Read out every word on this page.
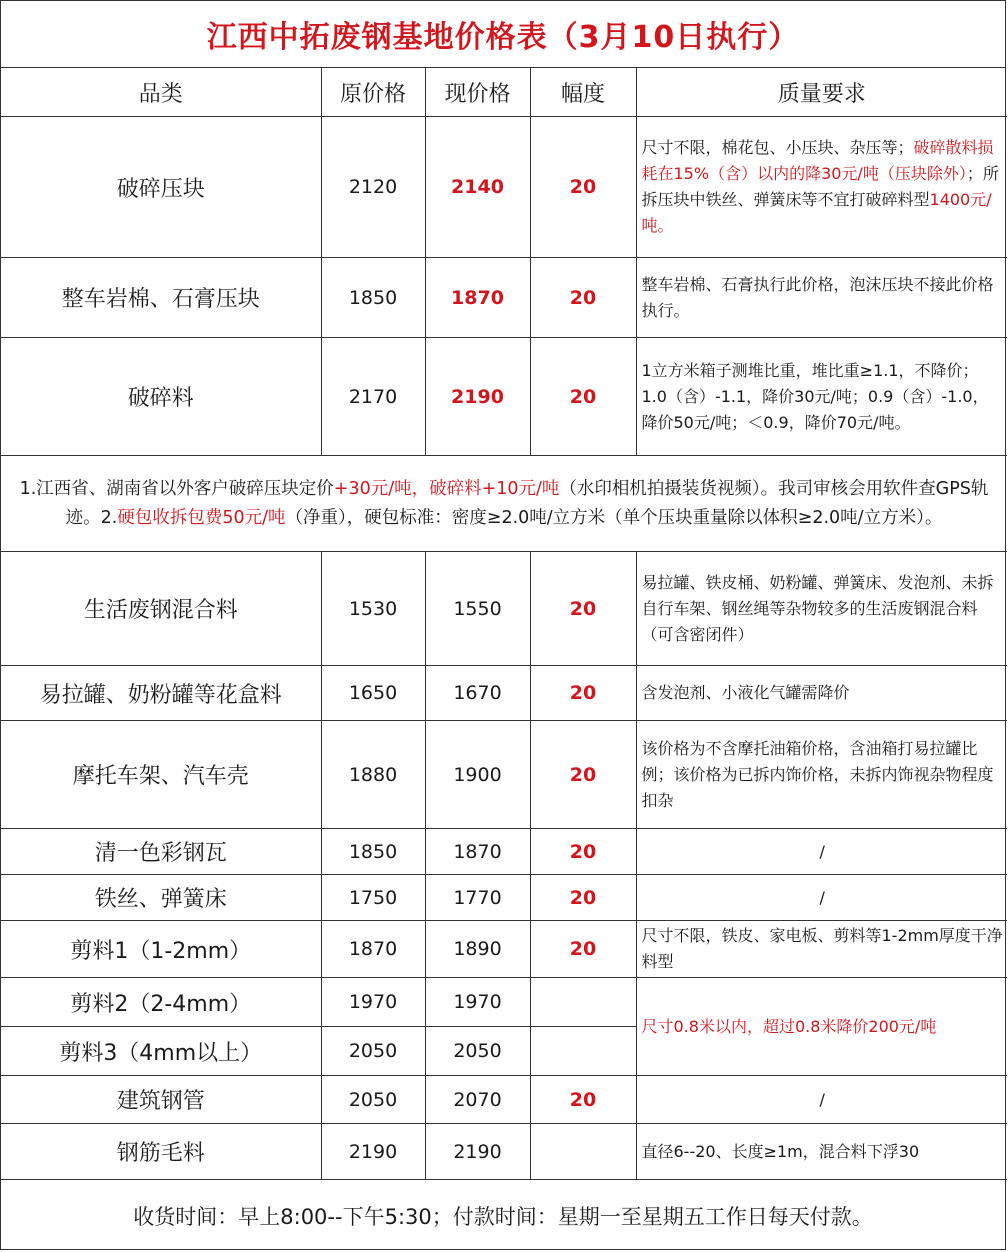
江西中拓废钢基地价格表（3月10日执行）
品类	原价格	现价格	幅度	质量要求
破碎压块	2120	2140	20	尺寸不限，棉花包、小压块、杂压等；破碎散料损耗在15%（含）以内的降30元/吨（压块除外）；所拆压块中铁丝、弹簧床等不宜打破碎料型1400元/吨。
整车岩棉、石膏压块	1850	1870	20	整车岩棉、石膏执行此价格，泡沫压块不接此价格执行。
破碎料	2170	2190	20	1立方米箱子测堆比重，堆比重≥1.1，不降价；1.0（含）-1.1，降价30元/吨；0.9（含）-1.0，降价50元/吨；＜0.9，降价70元/吨。
1.江西省、湖南省以外客户破碎压块定价+30元/吨，破碎料+10元/吨（水印相机拍摄装货视频）。我司审核会用软件查GPS轨迹。2.硬包收拆包费50元/吨（净重），硬包标准：密度≥2.0吨/立方米（单个压块重量除以体积≥2.0吨/立方米）。				
生活废钢混合料	1530	1550	20	易拉罐、铁皮桶、奶粉罐、弹簧床、发泡剂、未拆自行车架、钢丝绳等杂物较多的生活废钢混合料（可含密闭件）
易拉罐、奶粉罐等花盒料	1650	1670	20	含发泡剂、小液化气罐需降价
摩托车架、汽车壳	1880	1900	20	该价格为不含摩托油箱价格，含油箱打易拉罐比例；该价格为已拆内饰价格，未拆内饰视杂物程度扣杂
清一色彩钢瓦	1850	1870	20	/
铁丝、弹簧床	1750	1770	20	/
剪料1（1-2mm）	1870	1890	20	尺寸不限，铁皮、家电板、剪料等1-2mm厚度干净料型
剪料2（2-4mm）	1970	1970		尺寸0.8米以内，超过0.8米降价200元/吨
剪料3（4mm以上）	2050	2050		
建筑钢管	2050	2070	20	/
钢筋毛料	2190	2190		直径6--20、长度≥1m，混合料下浮30
收货时间：早上8:00--下午5:30；付款时间：星期一至星期五工作日每天付款。
